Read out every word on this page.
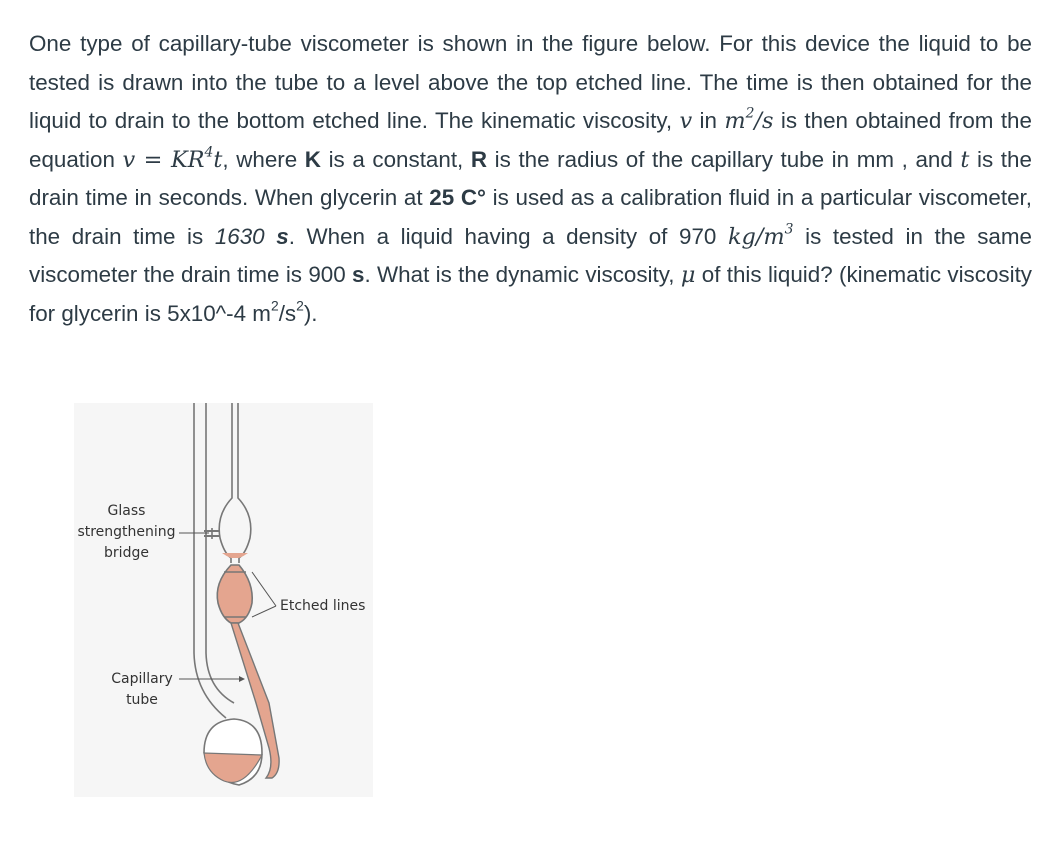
One type of capillary-tube viscometer is shown in the figure below. For this device the liquid to be tested is drawn into the tube to a level above the top etched line. The time is then obtained for the liquid to drain to the bottom etched line. The kinematic viscosity, v in $m^2/s$ is then obtained from the equation $v = KR^4t$, where K is a constant, R is the radius of the capillary tube in mm , and t is the drain time in seconds. When glycerin at 25 C° is used as a calibration fluid in a particular viscometer, the drain time is 1630 s. When a liquid having a density of 970 $kg/m^3$ is tested in the same viscometer the drain time is 900 s. What is the dynamic viscosity, μ of this liquid? (kinematic viscosity for glycerin is 5x10^-4 $m^2/s^2$).
Glass
strengthening
bridge
Capillary
tube
Etched lines
